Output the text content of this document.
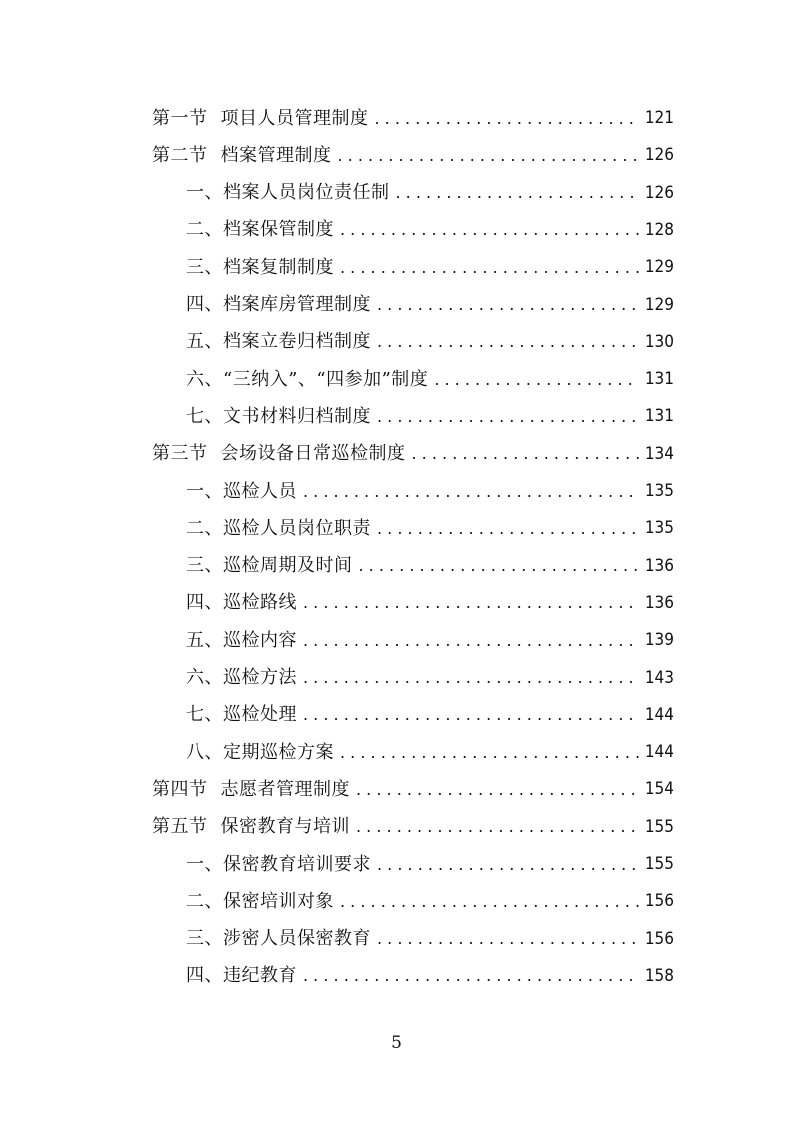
第一节 项目人员管理制度 . . .	121
第二节 档案管理制度 . . .	126
一、档案人员岗位责任制 . . .	126
二、档案保管制度 . . .	128
三、档案复制制度 . . .	129
四、档案库房管理制度 . . .	129
五、档案立卷归档制度 . . .	130
六、“三纳入”、“四参加”制度 . . .	131
七、文书材料归档制度 . . .	131
第三节 会场设备日常巡检制度 . . .	134
一、巡检人员 . . .	135
二、巡检人员岗位职责 . . .	135
三、巡检周期及时间 . . .	136
四、巡检路线 . . .	136
五、巡检内容 . . .	139
六、巡检方法 . . .	143
七、巡检处理 . . .	144
八、定期巡检方案 . . .	144
第四节 志愿者管理制度 . . .	154
第五节 保密教育与培训 . . .	155
一、保密教育培训要求 . . .	155
二、保密培训对象 . . .	156
三、涉密人员保密教育 . . .	156
四、违纪教育 . . .	158
5
